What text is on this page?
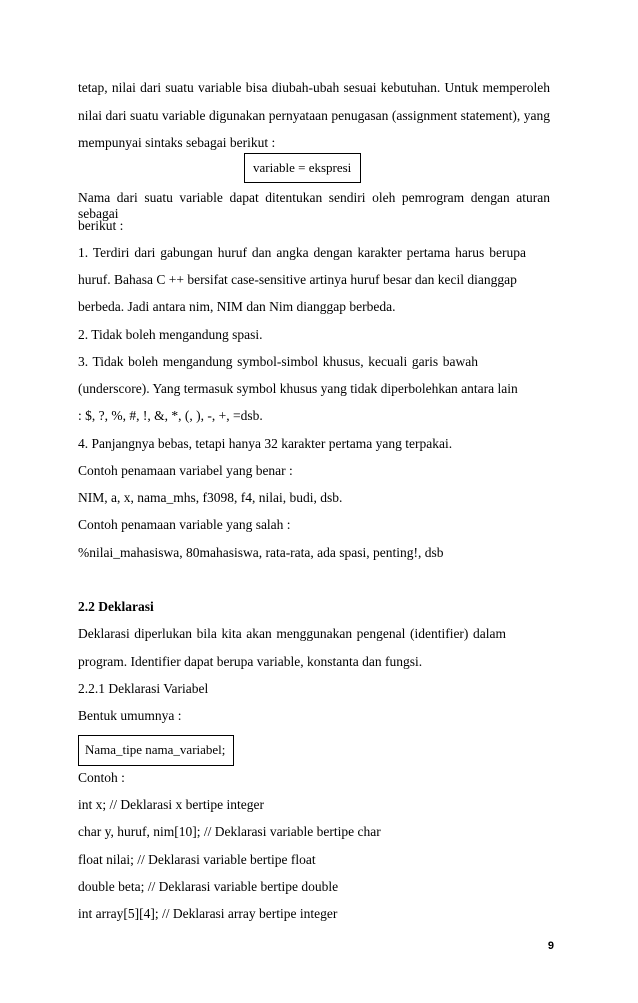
tetap, nilai dari suatu variable bisa diubah-ubah sesuai kebutuhan. Untuk memperoleh
nilai dari suatu variable digunakan pernyataan penugasan (assignment statement), yang
mempunyai sintaks sebagai berikut :
variable = ekspresi
Nama dari suatu variable dapat ditentukan sendiri oleh pemrogram dengan aturan sebagai
berikut :
1. Terdiri dari gabungan huruf dan angka dengan karakter pertama harus berupa
huruf. Bahasa C ++ bersifat case-sensitive artinya huruf besar dan kecil dianggap
berbeda. Jadi antara nim, NIM dan Nim dianggap berbeda.
2. Tidak boleh mengandung spasi.
3. Tidak boleh mengandung symbol-simbol khusus, kecuali garis bawah
(underscore). Yang termasuk symbol khusus yang tidak diperbolehkan antara lain
: $, ?, %, #, !, &, *, (, ), -, +, =dsb.
4. Panjangnya bebas, tetapi hanya 32 karakter pertama yang terpakai.
Contoh penamaan variabel yang benar :
NIM, a, x, nama_mhs, f3098, f4, nilai, budi, dsb.
Contoh penamaan variable yang salah :
%nilai_mahasiswa, 80mahasiswa, rata-rata, ada spasi, penting!, dsb
2.2 Deklarasi
Deklarasi diperlukan bila kita akan menggunakan pengenal (identifier) dalam
program. Identifier dapat berupa variable, konstanta dan fungsi.
2.2.1 Deklarasi Variabel
Bentuk umumnya :
Nama_tipe nama_variabel;
Contoh :
int x; // Deklarasi x bertipe integer
char y, huruf, nim[10]; // Deklarasi variable bertipe char
float nilai; // Deklarasi variable bertipe float
double beta; // Deklarasi variable bertipe double
int array[5][4]; // Deklarasi array bertipe integer
9
